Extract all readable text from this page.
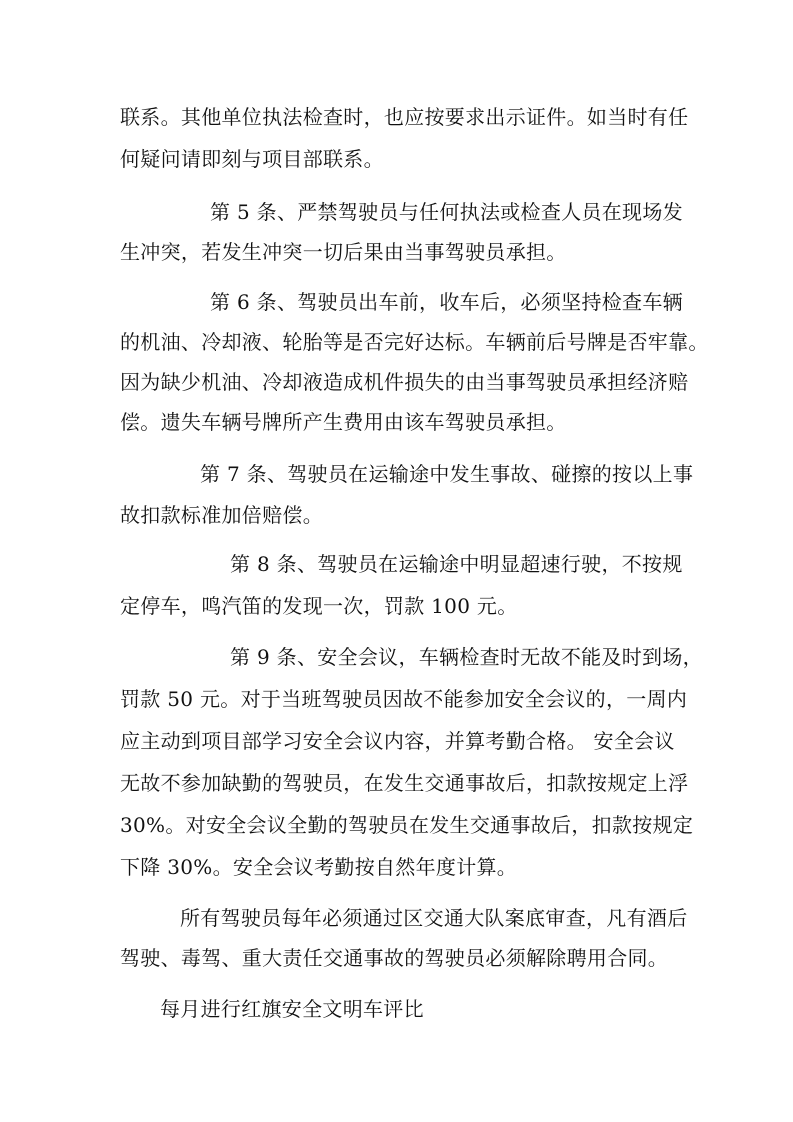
联系。其他单位执法检查时，也应按要求出示证件。如当时有任
何疑问请即刻与项目部联系。
第 5 条、严禁驾驶员与任何执法或检查人员在现场发
生冲突，若发生冲突一切后果由当事驾驶员承担。
第 6 条、驾驶员出车前，收车后，必须坚持检查车辆
的机油、冷却液、轮胎等是否完好达标。车辆前后号牌是否牢靠。
因为缺少机油、冷却液造成机件损失的由当事驾驶员承担经济赔
偿。遗失车辆号牌所产生费用由该车驾驶员承担。
第 7 条、驾驶员在运输途中发生事故、碰擦的按以上事
故扣款标准加倍赔偿。
第 8 条、驾驶员在运输途中明显超速行驶，不按规
定停车，鸣汽笛的发现一次，罚款 100 元。
第 9 条、安全会议，车辆检查时无故不能及时到场，
罚款 50 元。对于当班驾驶员因故不能参加安全会议的，一周内
应主动到项目部学习安全会议内容，并算考勤合格。 安全会议
无故不参加缺勤的驾驶员，在发生交通事故后，扣款按规定上浮
30%。对安全会议全勤的驾驶员在发生交通事故后，扣款按规定
下降 30%。安全会议考勤按自然年度计算。
所有驾驶员每年必须通过区交通大队案底审查，凡有酒后
驾驶、毒驾、重大责任交通事故的驾驶员必须解除聘用合同。
每月进行红旗安全文明车评比
